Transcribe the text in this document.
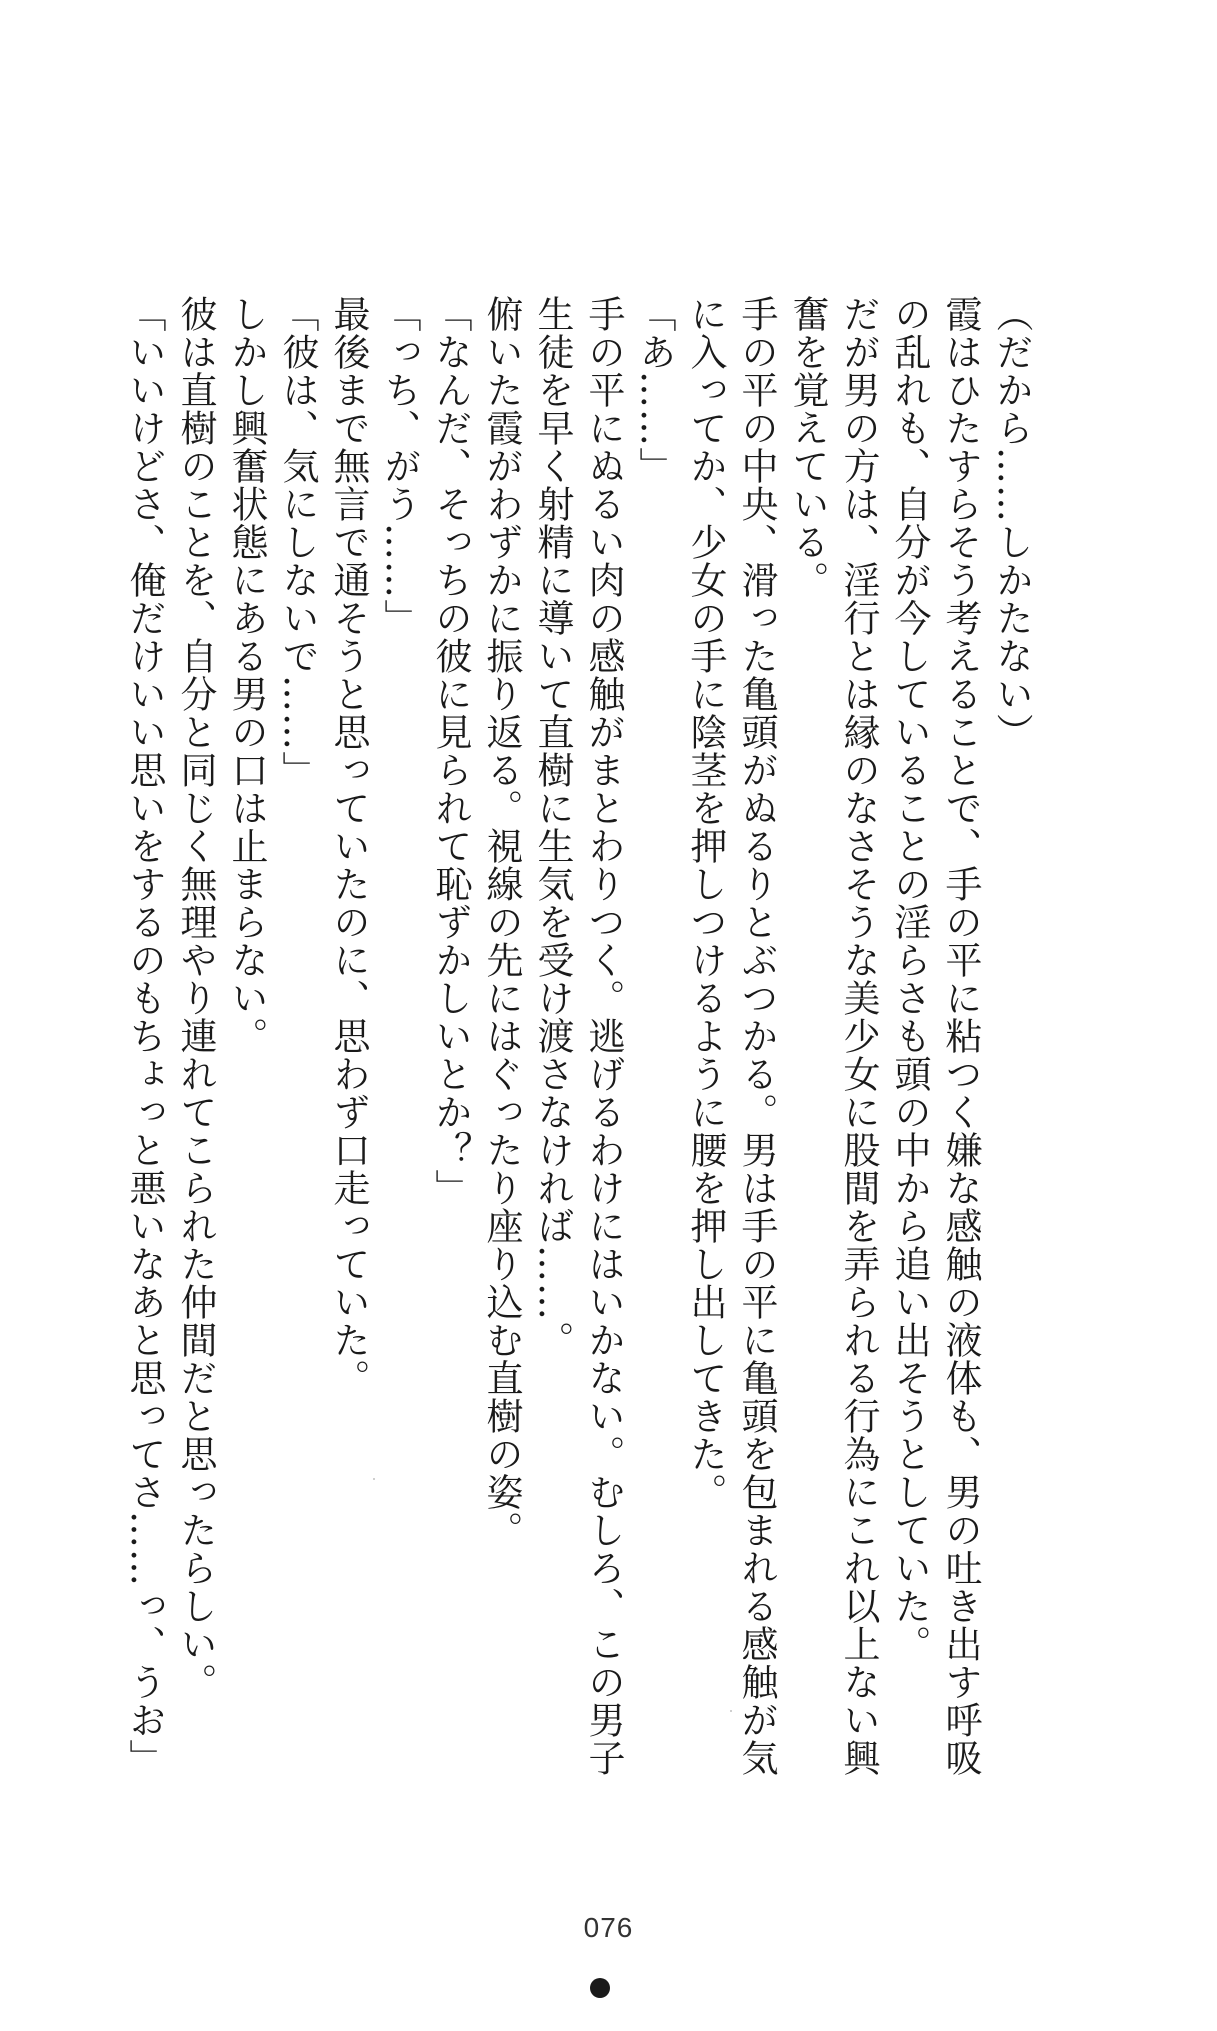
（だから……しかたない）
霞はひたすらそう考えることで、手の平に粘つく嫌な感触の液体も、男の吐き出す呼吸
の乱れも、自分が今していることの淫らさも頭の中から追い出そうとしていた。
だが男の方は、淫行とは縁のなさそうな美少女に股間を弄られる行為にこれ以上ない興
奮を覚えている。
手の平の中央、滑った亀頭がぬるりとぶつかる。男は手の平に亀頭を包まれる感触が気
に入ってか、少女の手に陰茎を押しつけるように腰を押し出してきた。
「あ……」
手の平にぬるい肉の感触がまとわりつく。逃げるわけにはいかない。むしろ、この男子
生徒を早く射精に導いて直樹に生気を受け渡さなければ……。
俯いた霞がわずかに振り返る。視線の先にはぐったり座り込む直樹の姿。
「なんだ、そっちの彼に見られて恥ずかしいとか？」
「っち、がう……」
最後まで無言で通そうと思っていたのに、思わず口走っていた。
「彼は、気にしないで……」
しかし興奮状態にある男の口は止まらない。
彼は直樹のことを、自分と同じく無理やり連れてこられた仲間だと思ったらしい。
「いいけどさ、俺だけいい思いをするのもちょっと悪いなあと思ってさ……っ、うお」
076
